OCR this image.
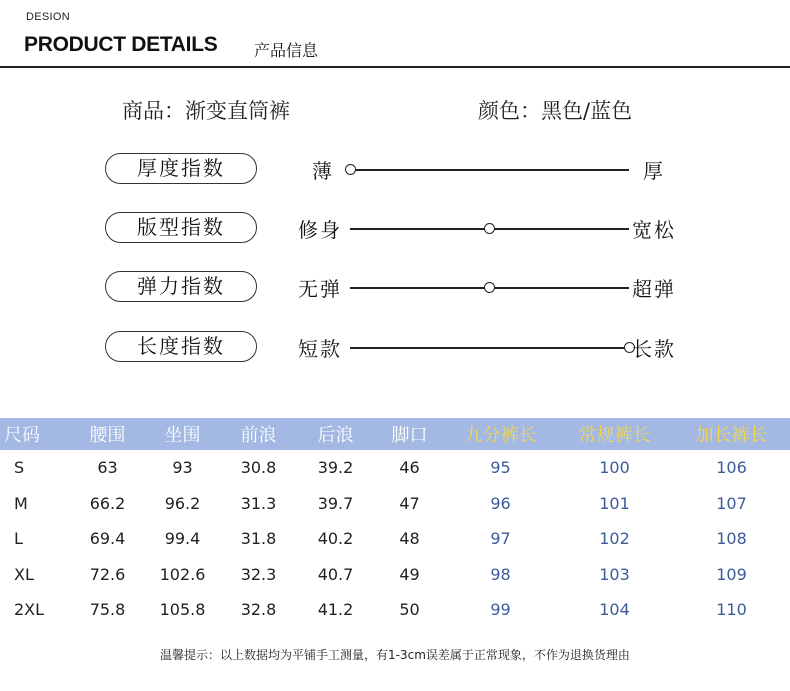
DESION
PRODUCT DETAILS 产品信息
商品：渐变直筒裤	颜色：黑色/蓝色
厚度指数	薄	厚
版型指数	修身	宽松
弹力指数	无弹	超弹
长度指数	短款	长款
尺码	腰围	坐围	前浪	后浪	脚口	九分裤长	常规裤长	加长裤长
S	63	93	30.8	39.2	46	95	100	106
M	66.2	96.2	31.3	39.7	47	96	101	107
L	69.4	99.4	31.8	40.2	48	97	102	108
XL	72.6	102.6	32.3	40.7	49	98	103	109
2XL	75.8	105.8	32.8	41.2	50	99	104	110
温馨提示：以上数据均为平铺手工测量，有1-3cm误差属于正常现象，不作为退换货理由
